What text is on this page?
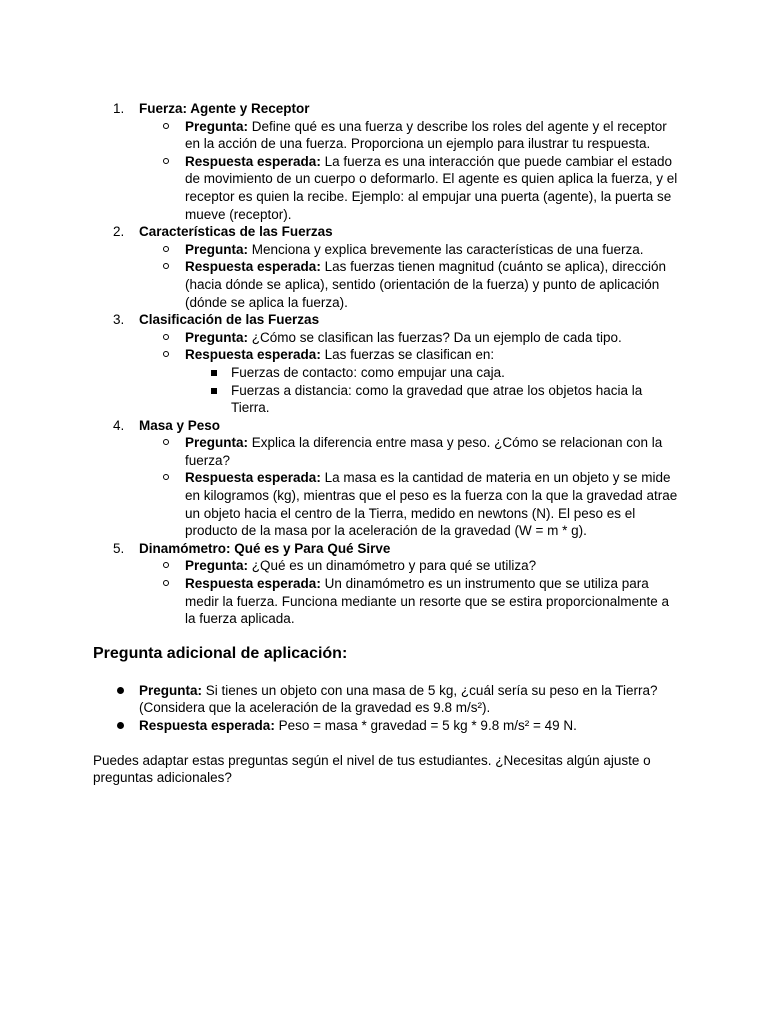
1.	Fuerza: Agente y Receptor
Pregunta: Define qué es una fuerza y describe los roles del agente y el receptor en la acción de una fuerza. Proporciona un ejemplo para ilustrar tu respuesta.
Respuesta esperada: La fuerza es una interacción que puede cambiar el estado de movimiento de un cuerpo o deformarlo. El agente es quien aplica la fuerza, y el receptor es quien la recibe. Ejemplo: al empujar una puerta (agente), la puerta se mueve (receptor).
2.	Características de las Fuerzas
Pregunta: Menciona y explica brevemente las características de una fuerza.
Respuesta esperada: Las fuerzas tienen magnitud (cuánto se aplica), dirección (hacia dónde se aplica), sentido (orientación de la fuerza) y punto de aplicación (dónde se aplica la fuerza).
3.	Clasificación de las Fuerzas
Pregunta: ¿Cómo se clasifican las fuerzas? Da un ejemplo de cada tipo.
Respuesta esperada: Las fuerzas se clasifican en:
Fuerzas de contacto: como empujar una caja.
Fuerzas a distancia: como la gravedad que atrae los objetos hacia la Tierra.
4.	Masa y Peso
Pregunta: Explica la diferencia entre masa y peso. ¿Cómo se relacionan con la fuerza?
Respuesta esperada: La masa es la cantidad de materia en un objeto y se mide en kilogramos (kg), mientras que el peso es la fuerza con la que la gravedad atrae un objeto hacia el centro de la Tierra, medido en newtons (N). El peso es el producto de la masa por la aceleración de la gravedad (W = m * g).
5.	Dinamómetro: Qué es y Para Qué Sirve
Pregunta: ¿Qué es un dinamómetro y para qué se utiliza?
Respuesta esperada: Un dinamómetro es un instrumento que se utiliza para medir la fuerza. Funciona mediante un resorte que se estira proporcionalmente a la fuerza aplicada.
Pregunta adicional de aplicación:
Pregunta: Si tienes un objeto con una masa de 5 kg, ¿cuál sería su peso en la Tierra? (Considera que la aceleración de la gravedad es 9.8 m/s²).
Respuesta esperada: Peso = masa * gravedad = 5 kg * 9.8 m/s² = 49 N.

Puedes adaptar estas preguntas según el nivel de tus estudiantes. ¿Necesitas algún ajuste o preguntas adicionales?
